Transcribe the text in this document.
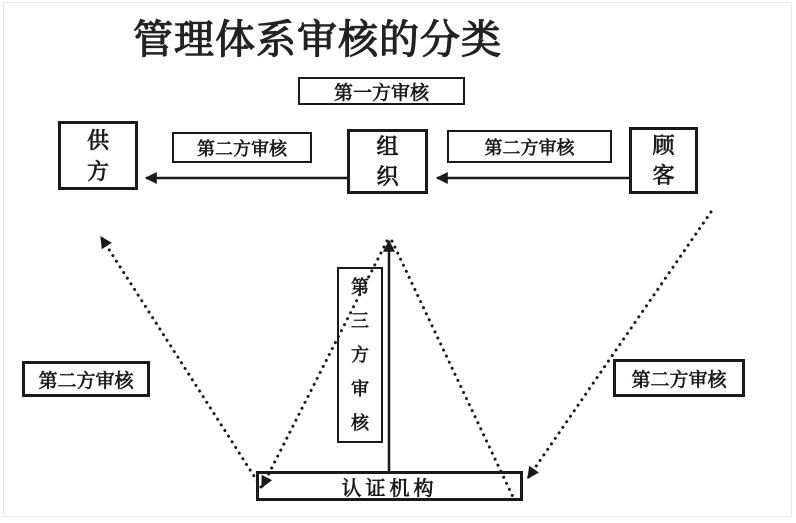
管理体系审核的分类
第一方审核
供方
组织
顾客
第二方审核	第二方审核
第三方审核
认证机构
第二方审核	第二方审核
